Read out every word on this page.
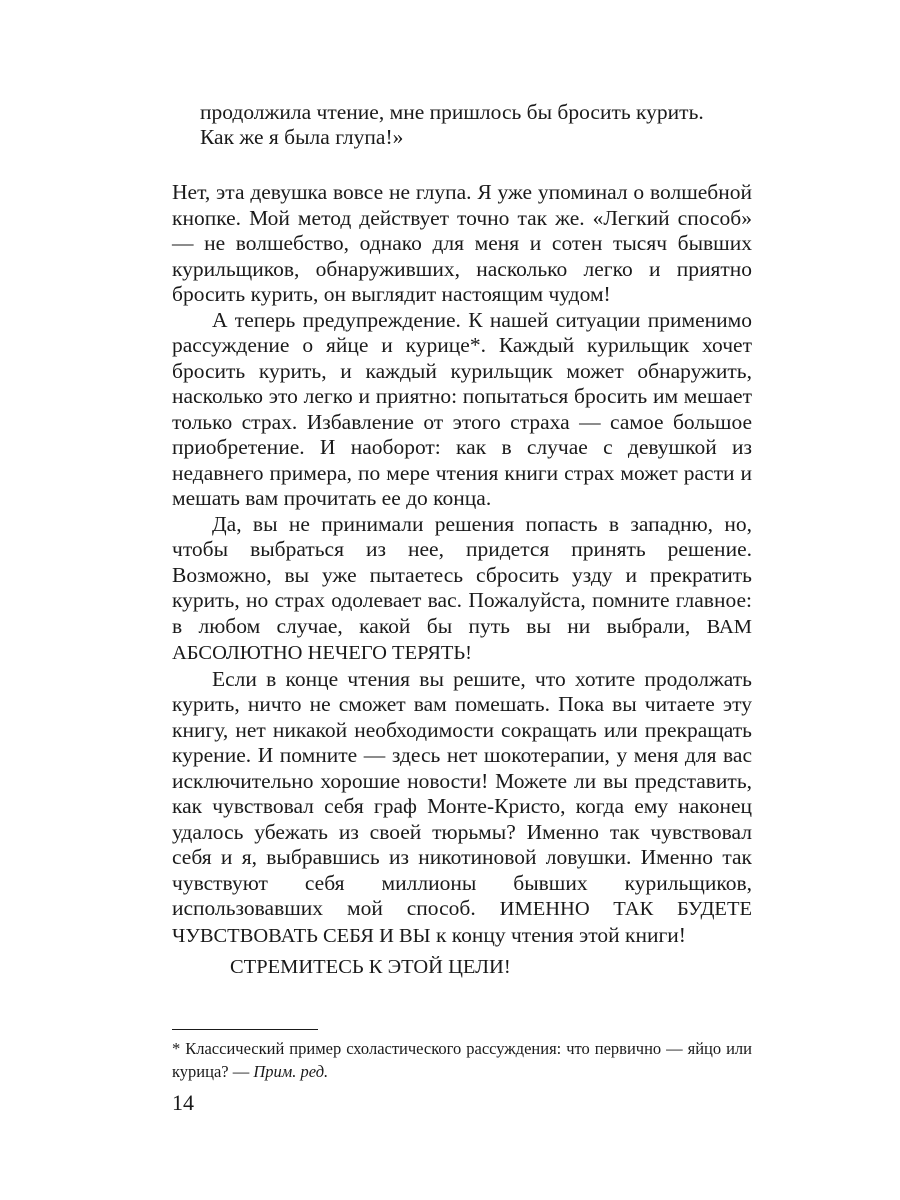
продолжила чтение, мне пришлось бы бросить курить.
Как же я была глупа!»

Нет, эта девушка вовсе не глупа. Я уже упоминал о волшебной кнопке. Мой метод действует точно так же. «Легкий способ» — не волшебство, однако для меня и сотен тысяч бывших курильщиков, обнаруживших, насколько легко и приятно бросить курить, он выглядит настоящим чудом!

А теперь предупреждение. К нашей ситуации применимо рассуждение о яйце и курице*. Каждый курильщик хочет бросить курить, и каждый курильщик может обнаружить, насколько это легко и приятно: попытаться бросить им мешает только страх. Избавление от этого страха — самое большое приобретение. И наоборот: как в случае с девушкой из недавнего примера, по мере чтения книги страх может расти и мешать вам прочитать ее до конца.

Да, вы не принимали решения попасть в западню, но, чтобы выбраться из нее, придется принять решение. Возможно, вы уже пытаетесь сбросить узду и прекратить курить, но страх одолевает вас. Пожалуйста, помните главное: в любом случае, какой бы путь вы ни выбрали, ВАМ АБСОЛЮТНО НЕЧЕГО ТЕРЯТЬ!

Если в конце чтения вы решите, что хотите продолжать курить, ничто не сможет вам помешать. Пока вы читаете эту книгу, нет никакой необходимости сокращать или прекращать курение. И помните — здесь нет шокотерапии, у меня для вас исключительно хорошие новости! Можете ли вы представить, как чувствовал себя граф Монте-Кристо, когда ему наконец удалось убежать из своей тюрьмы? Именно так чувствовал себя и я, выбравшись из никотиновой ловушки. Именно так чувствуют себя миллионы бывших курильщиков, использовавших мой способ. ИМЕННО ТАК БУДЕТЕ ЧУВСТВОВАТЬ СЕБЯ И ВЫ к концу чтения этой книги!

СТРЕМИТЕСЬ К ЭТОЙ ЦЕЛИ!
* Классический пример схоластического рассуждения: что первично — яйцо или курица? — Прим. ред.
14
